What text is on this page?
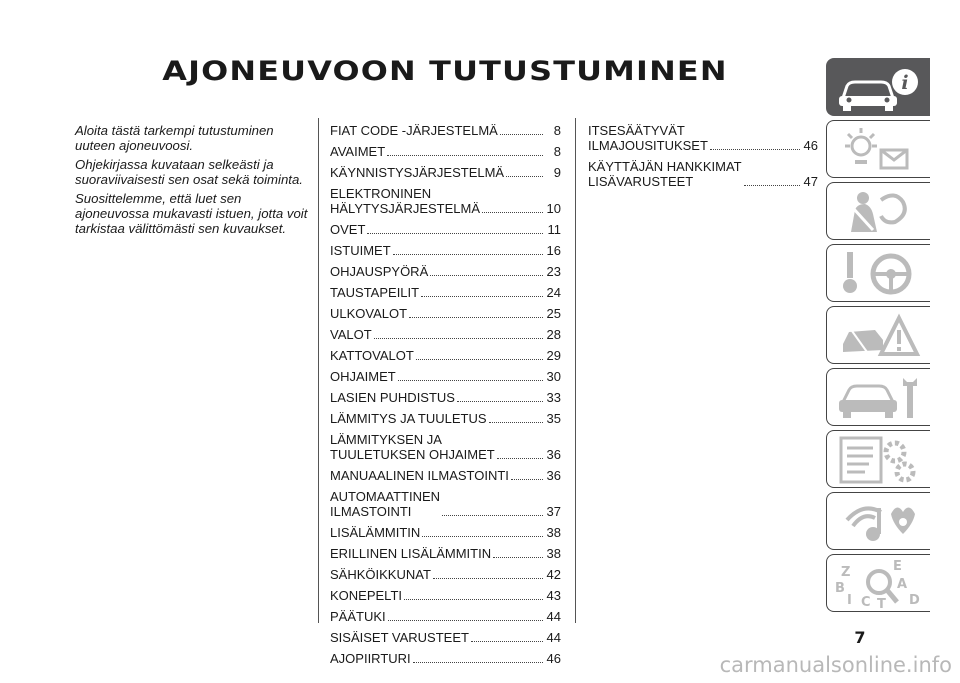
AJONEUVOON TUTUSTUMINEN

Aloita tästä tarkempi tutustuminen uuteen ajoneuvoosi.

Ohjekirjassa kuvataan selkeästi ja suoraviivaisesti sen osat sekä toiminta.

Suosittelemme, että luet sen ajoneuvossa mukavasti istuen, jotta voit tarkistaa välittömästi sen kuvaukset.

FIAT CODE -JÄRJESTELMÄ	8
AVAIMET	8
KÄYNNISTYSJÄRJESTELMÄ	9
ELEKTRONINEN
HÄLYTYSJÄRJESTELMÄ	10
OVET	11
ISTUIMET	16
OHJAUSPYÖRÄ	23
TAUSTAPEILIT	24
ULKOVALOT	25
VALOT	28
KATTOVALOT	29
OHJAIMET	30
LASIEN PUHDISTUS	33
LÄMMITYS JA TUULETUS	35
LÄMMITYKSEN JA
TUULETUKSEN OHJAIMET	36
MANUAALINEN ILMASTOINTI	36
AUTOMAATTINEN
ILMASTOINTI	37
LISÄLÄMMITIN	38
ERILLINEN LISÄLÄMMITIN	38
SÄHKÖIKKUNAT	42
KONEPELTI	43
PÄÄTUKI	44
SISÄISET VARUSTEET	44
AJOPIIRTURI	46
ITSESÄÄTYVÄT
ILMAJOUSITUKSET	46
KÄYTTÄJÄN HANKKIMAT
LISÄVARUSTEET	47
i
Z	E
B	A
I C T D
7
carmanualsonline.info
